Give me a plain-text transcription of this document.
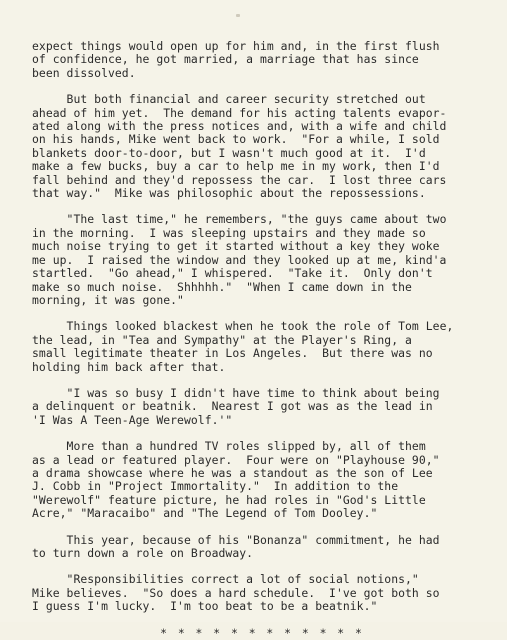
expect things would open up for him and, in the first flush
of confidence, he got married, a marriage that has since
been dissolved.

But both financial and career security stretched out
ahead of him yet.  The demand for his acting talents evapor-
ated along with the press notices and, with a wife and child
on his hands, Mike went back to work.  "For a while, I sold
blankets door-to-door, but I wasn't much good at it.  I'd
make a few bucks, buy a car to help me in my work, then I'd
fall behind and they'd repossess the car.  I lost three cars
that way."  Mike was philosophic about the repossessions.

"The last time," he remembers, "the guys came about two
in the morning.  I was sleeping upstairs and they made so
much noise trying to get it started without a key they woke
me up.  I raised the window and they looked up at me, kind'a
startled.  "Go ahead," I whispered.  "Take it.  Only don't
make so much noise.  Shhhhh."  "When I came down in the
morning, it was gone."

Things looked blackest when he took the role of Tom Lee,
the lead, in "Tea and Sympathy" at the Player's Ring, a
small legitimate theater in Los Angeles.  But there was no
holding him back after that.

"I was so busy I didn't have time to think about being
a delinquent or beatnik.  Nearest I got was as the lead in
'I Was A Teen-Age Werewolf.'"

More than a hundred TV roles slipped by, all of them
as a lead or featured player.  Four were on "Playhouse 90,"
a drama showcase where he was a standout as the son of Lee
J. Cobb in "Project Immortality."  In addition to the
"Werewolf" feature picture, he had roles in "God's Little
Acre," "Maracaibo" and "The Legend of Tom Dooley."

This year, because of his "Bonanza" commitment, he had
to turn down a role on Broadway.

"Responsibilities correct a lot of social notions,"
Mike believes.  "So does a hard schedule.  I've got both so
I guess I'm lucky.  I'm too beat to be a beatnik."

* * * * * * * * * * * *
